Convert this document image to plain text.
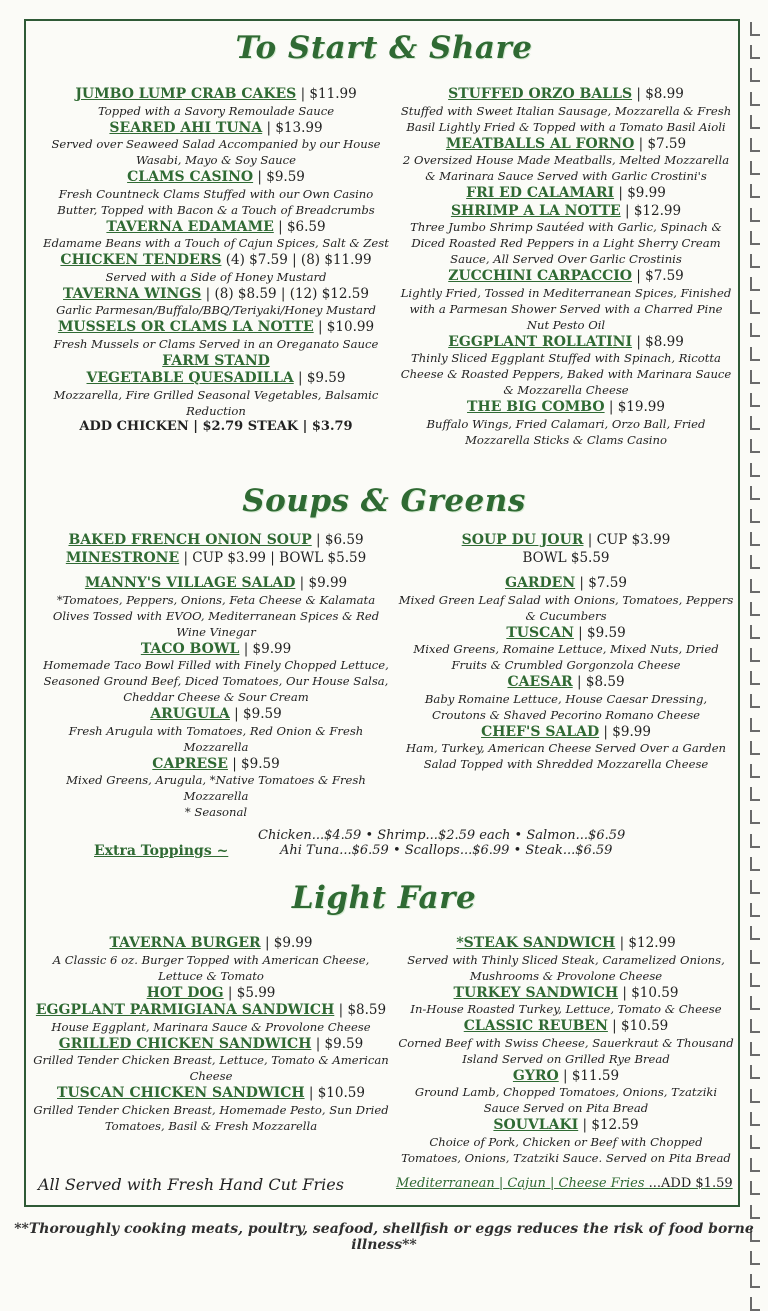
To Start & Share
JUMBO LUMP CRAB CAKES | $11.99
Topped with a Savory Remoulade Sauce
SEARED AHI TUNA | $13.99
Served over Seaweed Salad Accompanied by our House Wasabi, Mayo & Soy Sauce
CLAMS CASINO | $9.59
Fresh Countneck Clams Stuffed with our Own Casino Butter, Topped with Bacon & a Touch of Breadcrumbs
TAVERNA EDAMAME | $6.59
Edamame Beans with a Touch of Cajun Spices, Salt & Zest
CHICKEN TENDERS (4) $7.59 | (8) $11.99
Served with a Side of Honey Mustard
TAVERNA WINGS | (8) $8.59 | (12) $12.59
Garlic Parmesan/Buffalo/BBQ/Teriyaki/Honey Mustard
MUSSELS OR CLAMS LA NOTTE | $10.99
Fresh Mussels or Clams Served in an Oreganato Sauce
FARM STAND
VEGETABLE QUESADILLA | $9.59
Mozzarella, Fire Grilled Seasonal Vegetables, Balsamic Reduction
ADD CHICKEN | $2.79 STEAK | $3.79
STUFFED ORZO BALLS | $8.99
Stuffed with Sweet Italian Sausage, Mozzarella & Fresh Basil Lightly Fried & Topped with a Tomato Basil Aioli
MEATBALLS AL FORNO | $7.59
2 Oversized House Made Meatballs, Melted Mozzarella & Marinara Sauce Served with Garlic Crostini's
FRI ED CALAMARI | $9.99
SHRIMP A LA NOTTE | $12.99
Three Jumbo Shrimp Sautéed with Garlic, Spinach & Diced Roasted Red Peppers in a Light Sherry Cream Sauce, All Served Over Garlic Crostinis
ZUCCHINI CARPACCIO | $7.59
Lightly Fried, Tossed in Mediterranean Spices, Finished with a Parmesan Shower Served with a Charred Pine Nut Pesto Oil
EGGPLANT ROLLATINI | $8.99
Thinly Sliced Eggplant Stuffed with Spinach, Ricotta Cheese & Roasted Peppers, Baked with Marinara Sauce & Mozzarella Cheese
THE BIG COMBO | $19.99
Buffalo Wings, Fried Calamari, Orzo Ball, Fried Mozzarella Sticks & Clams Casino
Soups & Greens
BAKED FRENCH ONION SOUP | $6.59
MINESTRONE | CUP $3.99 | BOWL $5.59
MANNY'S VILLAGE SALAD | $9.99
*Tomatoes, Peppers, Onions, Feta Cheese & Kalamata Olives Tossed with EVOO, Mediterranean Spices & Red Wine Vinegar
TACO BOWL | $9.99
Homemade Taco Bowl Filled with Finely Chopped Lettuce, Seasoned Ground Beef, Diced Tomatoes, Our House Salsa, Cheddar Cheese & Sour Cream
ARUGULA | $9.59
Fresh Arugula with Tomatoes, Red Onion & Fresh Mozzarella
CAPRESE | $9.59
Mixed Greens, Arugula, *Native Tomatoes & Fresh Mozzarella
* Seasonal
SOUP DU JOUR | CUP $3.99
BOWL $5.59
GARDEN | $7.59
Mixed Green Leaf Salad with Onions, Tomatoes, Peppers & Cucumbers
TUSCAN | $9.59
Mixed Greens, Romaine Lettuce, Mixed Nuts, Dried Fruits & Crumbled Gorgonzola Cheese
CAESAR | $8.59
Baby Romaine Lettuce, House Caesar Dressing, Croutons & Shaved Pecorino Romano Cheese
CHEF'S SALAD | $9.99
Ham, Turkey, American Cheese Served Over a Garden Salad Topped with Shredded Mozzarella Cheese
Extra Toppings ~
Chicken...$4.59 • Shrimp...$2.59 each • Salmon...$6.59
Ahi Tuna...$6.59 • Scallops...$6.99 • Steak...$6.59
Light Fare
TAVERNA BURGER | $9.99
A Classic 6 oz. Burger Topped with American Cheese, Lettuce & Tomato
HOT DOG | $5.99
EGGPLANT PARMIGIANA SANDWICH | $8.59
House Eggplant, Marinara Sauce & Provolone Cheese
GRILLED CHICKEN SANDWICH | $9.59
Grilled Tender Chicken Breast, Lettuce, Tomato & American Cheese
TUSCAN CHICKEN SANDWICH | $10.59
Grilled Tender Chicken Breast, Homemade Pesto, Sun Dried Tomatoes, Basil & Fresh Mozzarella
*STEAK SANDWICH | $12.99
Served with Thinly Sliced Steak, Caramelized Onions, Mushrooms & Provolone Cheese
TURKEY SANDWICH | $10.59
In-House Roasted Turkey, Lettuce, Tomato & Cheese
CLASSIC REUBEN | $10.59
Corned Beef with Swiss Cheese, Sauerkraut & Thousand Island Served on Grilled Rye Bread
GYRO | $11.59
Ground Lamb, Chopped Tomatoes, Onions, Tzatziki Sauce Served on Pita Bread
SOUVLAKI | $12.59
Choice of Pork, Chicken or Beef with Chopped Tomatoes, Onions, Tzatziki Sauce. Served on Pita Bread
All Served with Fresh Hand Cut Fries	Mediterranean | Cajun | Cheese Fries ...ADD $1.59
**Thoroughly cooking meats, poultry, seafood, shellfish or eggs reduces the risk of food borne illness**
